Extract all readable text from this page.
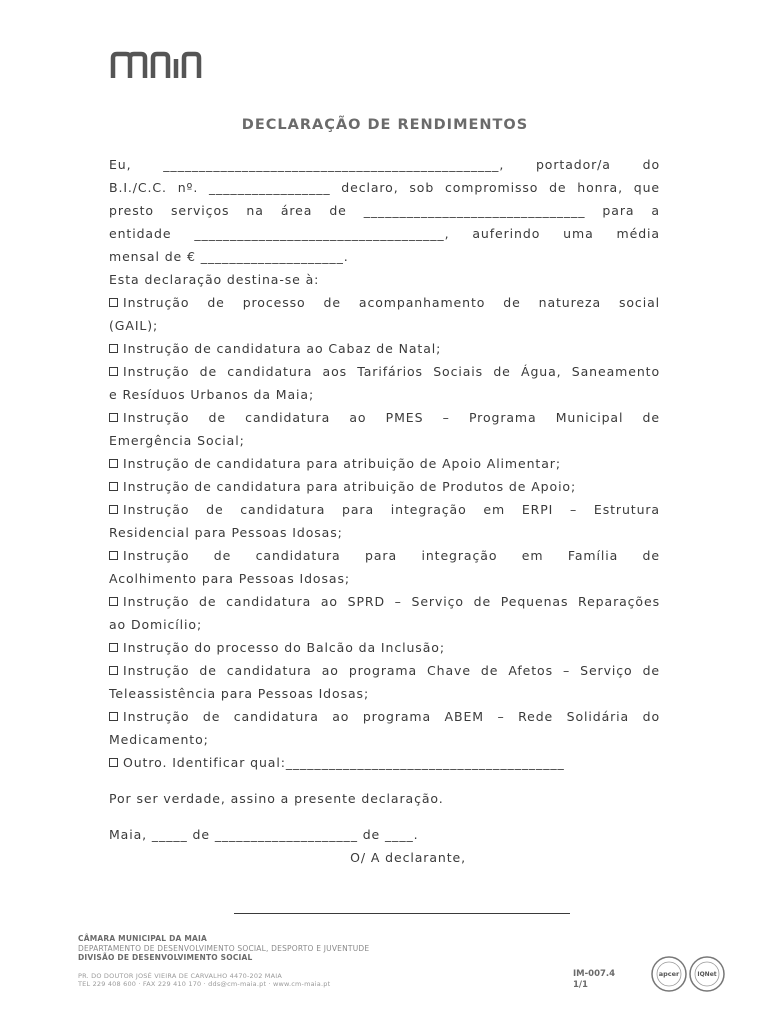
DECLARAÇÃO DE RENDIMENTOS
Eu,	_______________________________________________,	portador/a	do
B.I./C.C. nº. _________________ declaro, sob compromisso de honra, que
presto serviços na área de _______________________________ para a
entidade ___________________________________, auferindo uma média
mensal de € ____________________.
Esta declaração destina-se à:
Instrução de processo de acompanhamento de natureza social
(GAIL);
Instrução de candidatura ao Cabaz de Natal;
Instrução de candidatura aos Tarifários Sociais de Água, Saneamento
e Resíduos Urbanos da Maia;
Instrução de candidatura ao PMES – Programa Municipal de
Emergência Social;
Instrução de candidatura para atribuição de Apoio Alimentar;
Instrução de candidatura para atribuição de Produtos de Apoio;
Instrução de candidatura para integração em ERPI – Estrutura
Residencial para Pessoas Idosas;
Instrução de candidatura para integração em Família de
Acolhimento para Pessoas Idosas;
Instrução de candidatura ao SPRD – Serviço de Pequenas Reparações
ao Domicílio;
Instrução do processo do Balcão da Inclusão;
Instrução de candidatura ao programa Chave de Afetos – Serviço de
Teleassistência para Pessoas Idosas;
Instrução de candidatura ao programa ABEM – Rede Solidária do
Medicamento;
Outro. Identificar qual:_______________________________________
Por ser verdade, assino a presente declaração.
Maia, _____ de ____________________ de ____.
O/ A declarante,
CÂMARA MUNICIPAL DA MAIA
DEPARTAMENTO DE DESENVOLVIMENTO SOCIAL, DESPORTO E JUVENTUDE
DIVISÃO DE DESENVOLVIMENTO SOCIAL
PR. DO DOUTOR JOSÉ VIEIRA DE CARVALHO 4470-202 MAIA
TEL 229 408 600 · FAX 229 410 170 · dds@cm-maia.pt · www.cm-maia.pt
IM-007.4
1/1
apcer	IQNet
